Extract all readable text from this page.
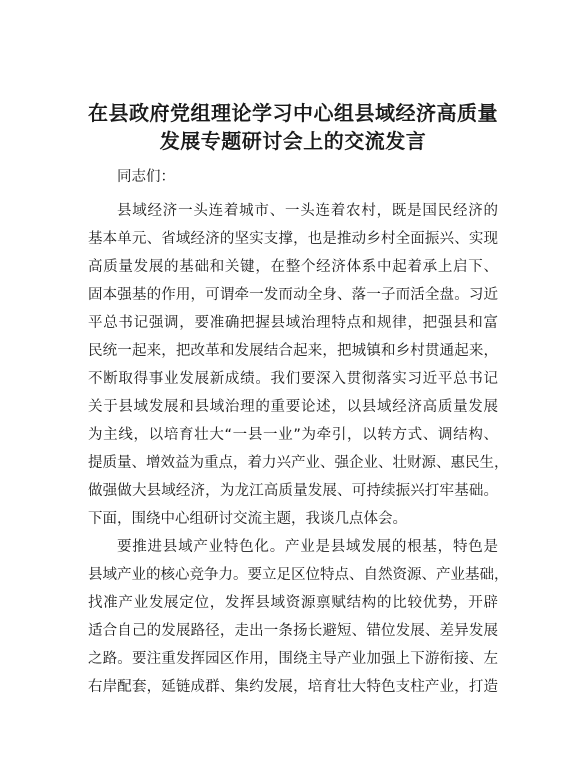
在县政府党组理论学习中心组县域经济高质量
发展专题研讨会上的交流发言
同志们：
县域经济一头连着城市、一头连着农村，既是国民经济的
基本单元、省域经济的坚实支撑，也是推动乡村全面振兴、实现
高质量发展的基础和关键，在整个经济体系中起着承上启下、
固本强基的作用，可谓牵一发而动全身、落一子而活全盘。习近
平总书记强调，要准确把握县域治理特点和规律，把强县和富
民统一起来，把改革和发展结合起来，把城镇和乡村贯通起来，
不断取得事业发展新成绩。我们要深入贯彻落实习近平总书记
关于县域发展和县域治理的重要论述，以县域经济高质量发展
为主线，以培育壮大“一县一业”为牵引，以转方式、调结构、
提质量、增效益为重点，着力兴产业、强企业、壮财源、惠民生，
做强做大县域经济，为龙江高质量发展、可持续振兴打牢基础。
下面，围绕中心组研讨交流主题，我谈几点体会。
要推进县域产业特色化。产业是县域发展的根基，特色是
县域产业的核心竞争力。要立足区位特点、自然资源、产业基础，
找准产业发展定位，发挥县域资源禀赋结构的比较优势，开辟
适合自己的发展路径，走出一条扬长避短、错位发展、差异发展
之路。要注重发挥园区作用，围绕主导产业加强上下游衔接、左
右岸配套，延链成群、集约发展，培育壮大特色支柱产业，打造
